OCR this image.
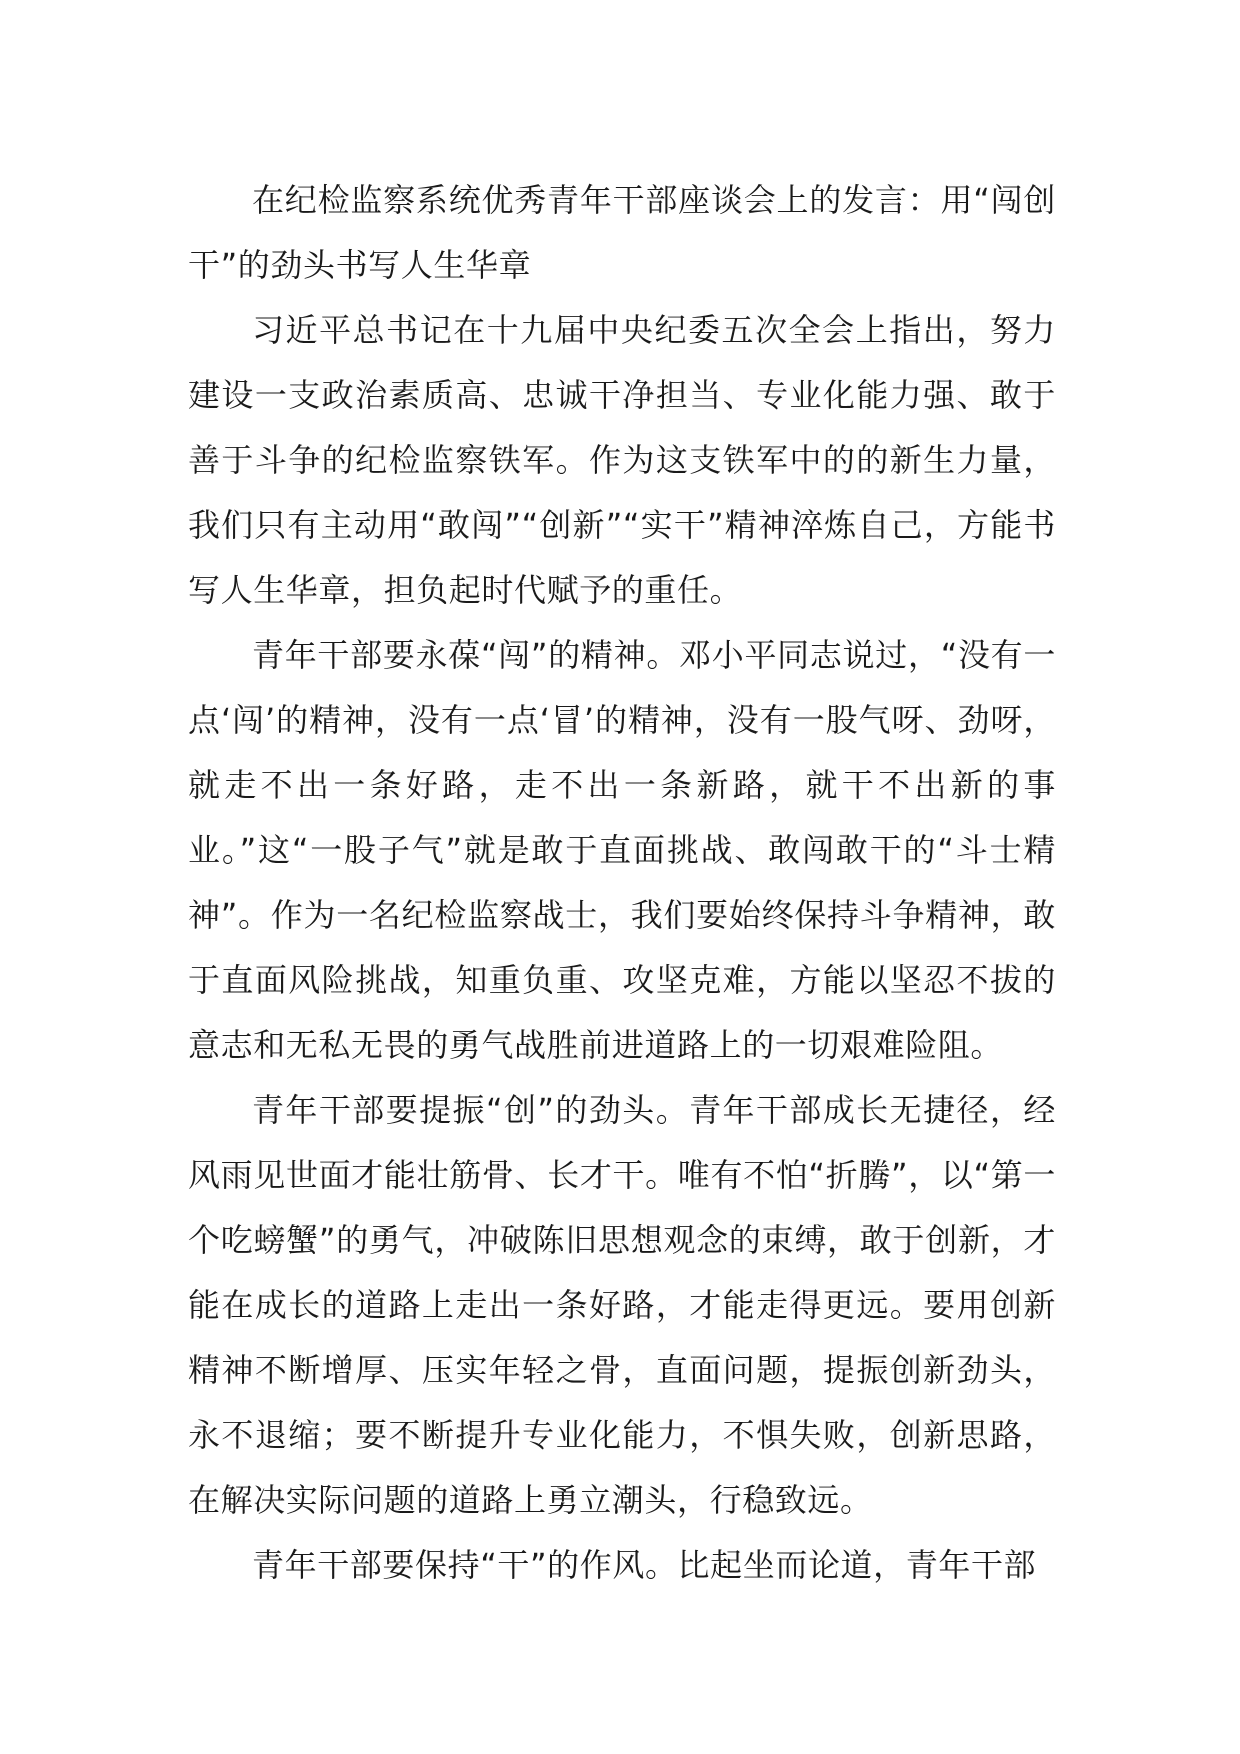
在纪检监察系统优秀青年干部座谈会上的发言：用“闯创干”的劲头书写人生华章

习近平总书记在十九届中央纪委五次全会上指出，努力建设一支政治素质高、忠诚干净担当、专业化能力强、敢于善于斗争的纪检监察铁军。作为这支铁军中的的新生力量，我们只有主动用“敢闯”“创新”“实干”精神淬炼自己，方能书写人生华章，担负起时代赋予的重任。

青年干部要永葆“闯”的精神。邓小平同志说过，“没有一点‘闯’的精神，没有一点‘冒’的精神，没有一股气呀、劲呀，就走不出一条好路，走不出一条新路，就干不出新的事业。”这“一股子气”就是敢于直面挑战、敢闯敢干的“斗士精神”。作为一名纪检监察战士，我们要始终保持斗争精神，敢于直面风险挑战，知重负重、攻坚克难，方能以坚忍不拔的意志和无私无畏的勇气战胜前进道路上的一切艰难险阻。

青年干部要提振“创”的劲头。青年干部成长无捷径，经风雨见世面才能壮筋骨、长才干。唯有不怕“折腾”，以“第一个吃螃蟹”的勇气，冲破陈旧思想观念的束缚，敢于创新，才能在成长的道路上走出一条好路，才能走得更远。要用创新精神不断增厚、压实年轻之骨，直面问题，提振创新劲头，永不退缩；要不断提升专业化能力，不惧失败，创新思路，在解决实际问题的道路上勇立潮头，行稳致远。

青年干部要保持“干”的作风。比起坐而论道，青年干部
